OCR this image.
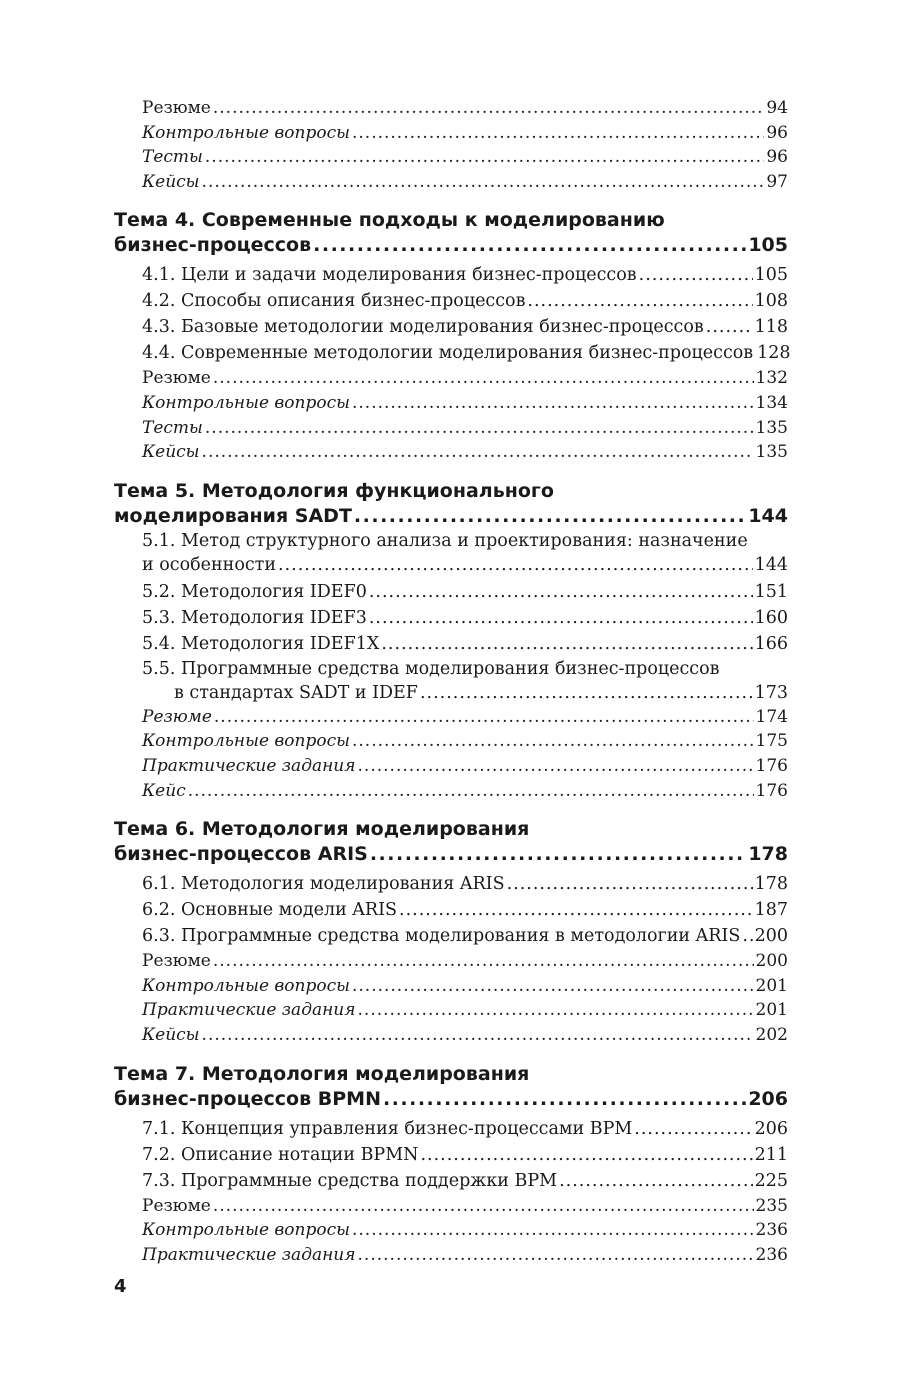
Резюме .....	94
Контрольные вопросы .....	96
Тесты .....	96
Кейсы .....	97
Тема 4. Современные подходы к моделированию
бизнес-процессов .....	105
4.1. Цели и задачи моделирования бизнес-процессов .....	105
4.2. Способы описания бизнес-процессов .....	108
4.3. Базовые методологии моделирования бизнес-процессов .....	118
4.4. Современные методологии моделирования бизнес-процессов 128
Резюме .....	132
Контрольные вопросы .....	134
Тесты .....	135
Кейсы .....	135
Тема 5. Методология функционального
моделирования SADT .....	144
5.1. Метод структурного анализа и проектирования: назначение
и особенности .....	144
5.2. Методология IDEF0 .....	151
5.3. Методология IDEF3 .....	160
5.4. Методология IDEF1X .....	166
5.5. Программные средства моделирования бизнес-процессов
в стандартах SADT и IDEF .....	173
Резюме .....	174
Контрольные вопросы .....	175
Практические задания .....	176
Кейс .....	176
Тема 6. Методология моделирования
бизнес-процессов ARIS .....	178
6.1. Методология моделирования ARIS .....	178
6.2. Основные модели ARIS .....	187
6.3. Программные средства моделирования в методологии ARIS ..... 200
Резюме .....	200
Контрольные вопросы .....	201
Практические задания .....	201
Кейсы .....	202
Тема 7. Методология моделирования
бизнес-процессов BPMN .....	206
7.1. Концепция управления бизнес-процессами BPM .....	206
7.2. Описание нотации BPMN .....	211
7.3. Программные средства поддержки BPM .....	225
Резюме .....	235
Контрольные вопросы .....	236
Практические задания .....	236
4
